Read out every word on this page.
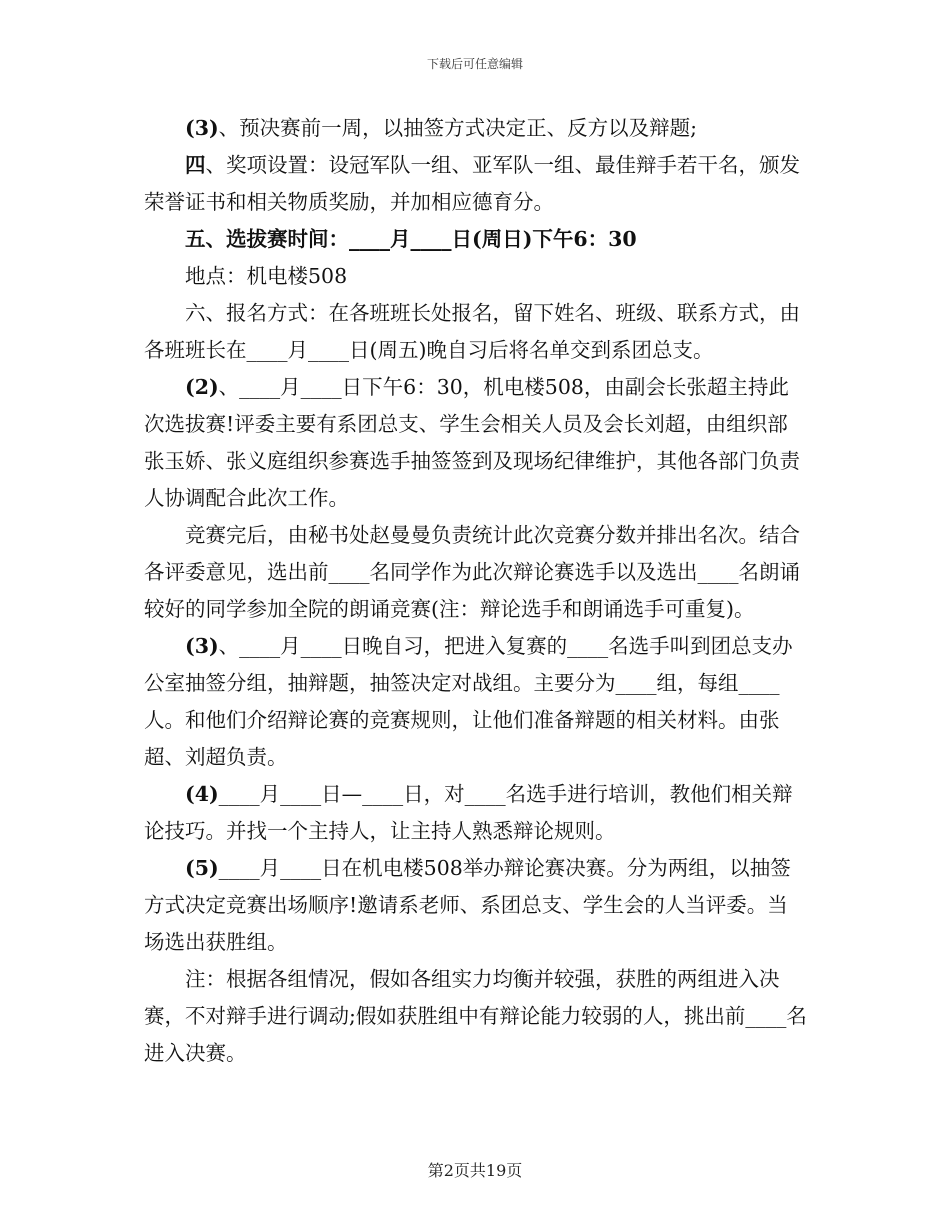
下载后可任意编辑

(3)、预决赛前一周，以抽签方式决定正、反方以及辩题;

四、奖项设置：设冠军队一组、亚军队一组、最佳辩手若干名，颁发荣誉证书和相关物质奖励，并加相应德育分。

五、选拔赛时间：____月____日(周日)下午6：30

地点：机电楼508

六、报名方式：在各班班长处报名，留下姓名、班级、联系方式，由各班班长在____月____日(周五)晚自习后将名单交到系团总支。

(2)、____月____日下午6：30，机电楼508，由副会长张超主持此次选拔赛!评委主要有系团总支、学生会相关人员及会长刘超，由组织部张玉娇、张义庭组织参赛选手抽签签到及现场纪律维护，其他各部门负责人协调配合此次工作。

竞赛完后，由秘书处赵曼曼负责统计此次竞赛分数并排出名次。结合各评委意见，选出前____名同学作为此次辩论赛选手以及选出____名朗诵较好的同学参加全院的朗诵竞赛(注：辩论选手和朗诵选手可重复)。

(3)、____月____日晚自习，把进入复赛的____名选手叫到团总支办公室抽签分组，抽辩题，抽签决定对战组。主要分为____组，每组____人。和他们介绍辩论赛的竞赛规则，让他们准备辩题的相关材料。由张超、刘超负责。

(4)____月____日—____日，对____名选手进行培训，教他们相关辩论技巧。并找一个主持人，让主持人熟悉辩论规则。

(5)____月____日在机电楼508举办辩论赛决赛。分为两组，以抽签方式决定竞赛出场顺序!邀请系老师、系团总支、学生会的人当评委。当场选出获胜组。

注：根据各组情况，假如各组实力均衡并较强，获胜的两组进入决赛，不对辩手进行调动;假如获胜组中有辩论能力较弱的人，挑出前____名进入决赛。

第2页共19页
